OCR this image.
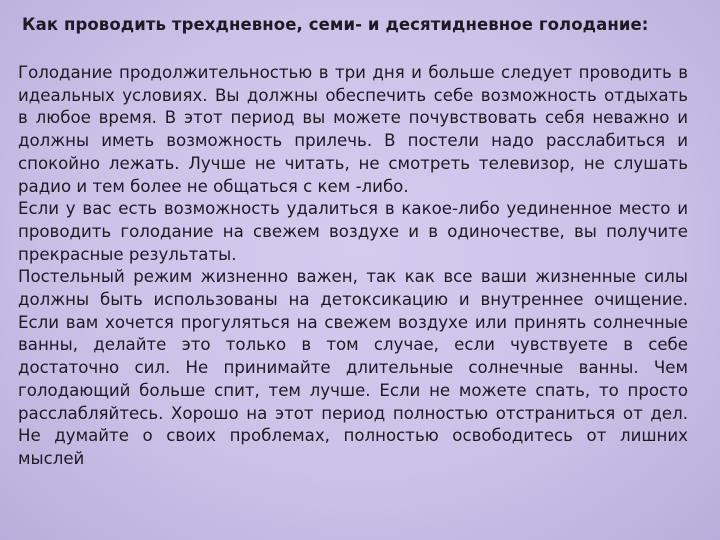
Как проводить трехдневное, семи- и десятидневное голодание:

Голодание продолжительностью в три дня и больше следует проводить в идеальных условиях. Вы должны обеспечить себе возможность отдыхать в любое время. В этот период вы можете почувствовать себя неважно и должны иметь возможность прилечь. В постели надо расслабиться и спокойно лежать. Лучше не читать, не смотреть телевизор, не слушать радио и тем более не общаться с кем -либо.

Если у вас есть возможность удалиться в какое-либо уединенное место и проводить голодание на свежем воздухе и в одиночестве, вы получите прекрасные результаты.

Постельный режим жизненно важен, так как все ваши жизненные силы должны быть использованы на детоксикацию и внутреннее очищение. Если вам хочется прогуляться на свежем воздухе или принять солнечные ванны, делайте это только в том случае, если чувствуете в себе достаточно сил. Не принимайте длительные солнечные ванны. Чем голодающий больше спит, тем лучше. Если не можете спать, то просто расслабляйтесь. Хорошо на этот период полностью отстраниться от дел. Не думайте о своих проблемах, полностью освободитесь от лишних мыслей
